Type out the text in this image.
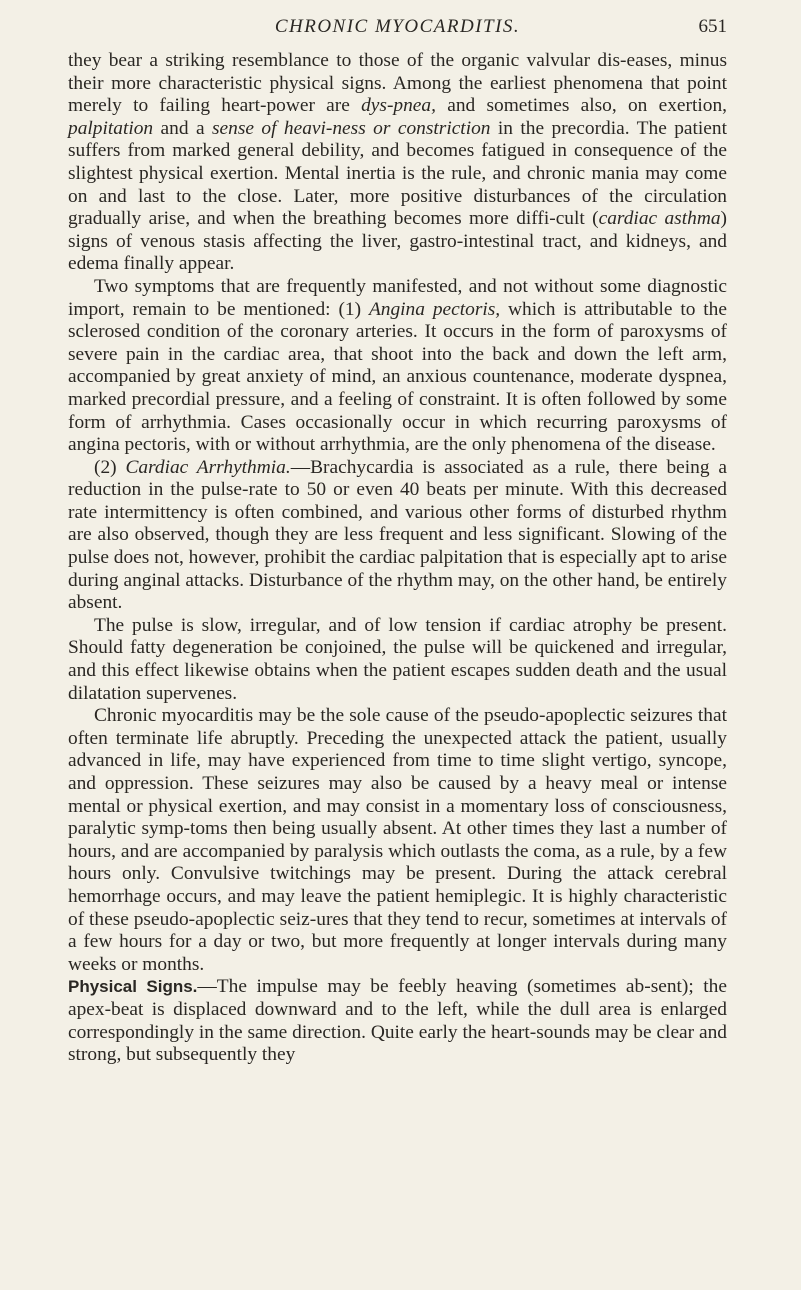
CHRONIC MYOCARDITIS.	651

they bear a striking resemblance to those of the organic valvular dis-eases, minus their more characteristic physical signs. Among the earliest phenomena that point merely to failing heart-power are dys-pnea, and sometimes also, on exertion, palpitation and a sense of heavi-ness or constriction in the precordia. The patient suffers from marked general debility, and becomes fatigued in consequence of the slightest physical exertion. Mental inertia is the rule, and chronic mania may come on and last to the close. Later, more positive disturbances of the circulation gradually arise, and when the breathing becomes more diffi-cult (cardiac asthma) signs of venous stasis affecting the liver, gastro-intestinal tract, and kidneys, and edema finally appear.

Two symptoms that are frequently manifested, and not without some diagnostic import, remain to be mentioned: (1) Angina pectoris, which is attributable to the sclerosed condition of the coronary arteries. It occurs in the form of paroxysms of severe pain in the cardiac area, that shoot into the back and down the left arm, accompanied by great anxiety of mind, an anxious countenance, moderate dyspnea, marked precordial pressure, and a feeling of constraint. It is often followed by some form of arrhythmia. Cases occasionally occur in which recurring paroxysms of angina pectoris, with or without arrhythmia, are the only phenomena of the disease.

(2) Cardiac Arrhythmia.—Brachycardia is associated as a rule, there being a reduction in the pulse-rate to 50 or even 40 beats per minute. With this decreased rate intermittency is often combined, and various other forms of disturbed rhythm are also observed, though they are less frequent and less significant. Slowing of the pulse does not, however, prohibit the cardiac palpitation that is especially apt to arise during anginal attacks. Disturbance of the rhythm may, on the other hand, be entirely absent.

The pulse is slow, irregular, and of low tension if cardiac atrophy be present. Should fatty degeneration be conjoined, the pulse will be quickened and irregular, and this effect likewise obtains when the patient escapes sudden death and the usual dilatation supervenes.

Chronic myocarditis may be the sole cause of the pseudo-apoplectic seizures that often terminate life abruptly. Preceding the unexpected attack the patient, usually advanced in life, may have experienced from time to time slight vertigo, syncope, and oppression. These seizures may also be caused by a heavy meal or intense mental or physical exertion, and may consist in a momentary loss of consciousness, paralytic symp-toms then being usually absent. At other times they last a number of hours, and are accompanied by paralysis which outlasts the coma, as a rule, by a few hours only. Convulsive twitchings may be present. During the attack cerebral hemorrhage occurs, and may leave the patient hemiplegic. It is highly characteristic of these pseudo-apoplectic seiz-ures that they tend to recur, sometimes at intervals of a few hours for a day or two, but more frequently at longer intervals during many weeks or months.

Physical Signs.—The impulse may be feebly heaving (sometimes ab-sent); the apex-beat is displaced downward and to the left, while the dull area is enlarged correspondingly in the same direction. Quite early the heart-sounds may be clear and strong, but subsequently they
